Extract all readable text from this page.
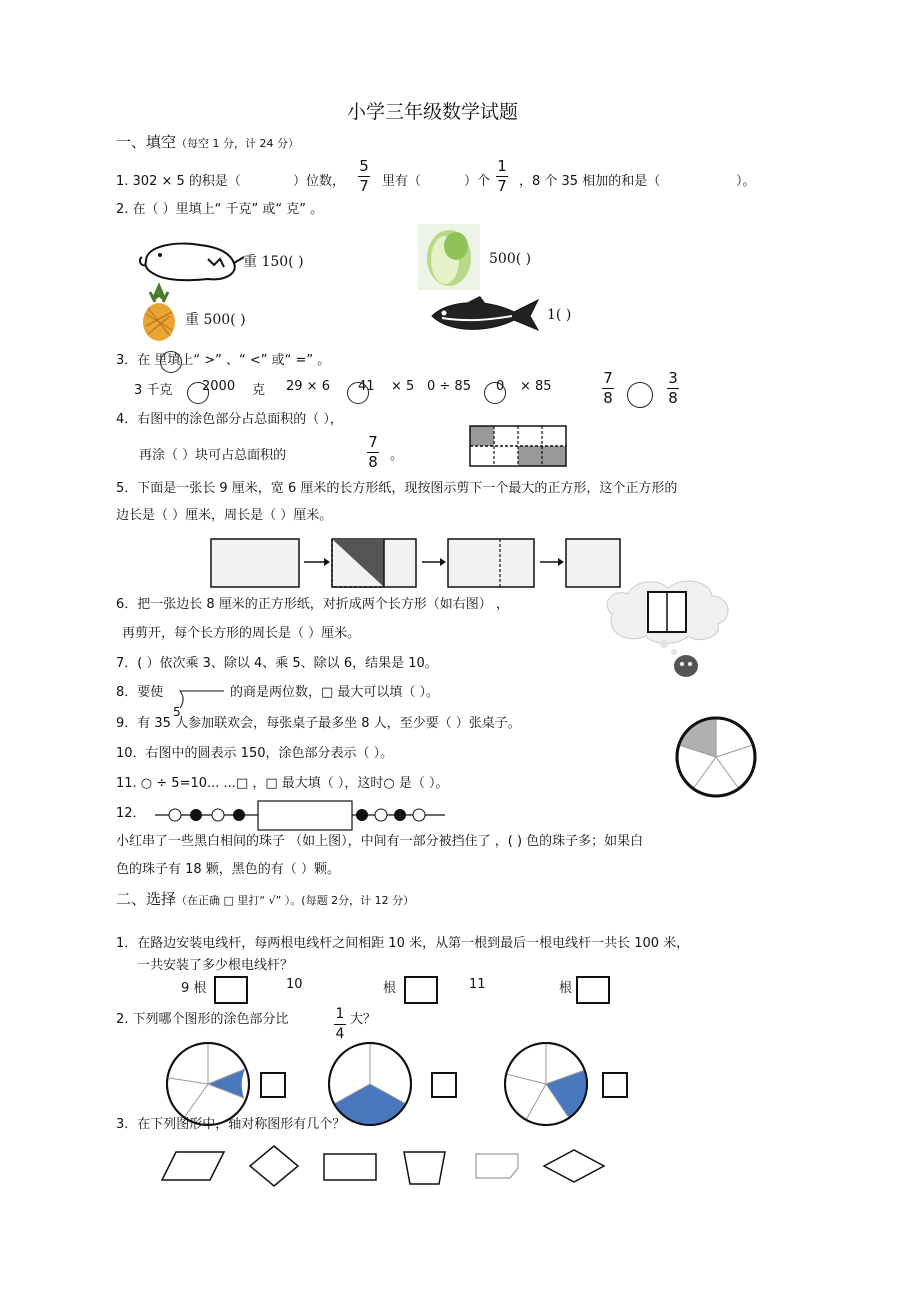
小学三年级数学试题
一、填空（每空 1 分，计 24 分）
1. 302 × 5 的积是（	）位数，
5
7 里有（	）个
1
7 ，8 个 35 相加的和是（	）。
2. 在（ ）里填上“ 千克” 或“ 克” 。
重 150( )	500( )
重 500( )	1( )
3．在 里填上“ >” 、“ <” 或“ =” 。
3 千克 2000 克 29 × 6 41 × 5 0 ÷ 85 0 × 85	7
8
3
8
4．右图中的涂色部分占总面积的（ ），
再涂（ ）块可占总面积的
7
8 。
5．下面是一张长 9 厘米，宽 6 厘米的长方形纸，现按图示剪下一个最大的正方形，这个正方形的
边长是（ ）厘米，周长是（ ）厘米。
6．把一张边长 8 厘米的正方形纸，对折成两个长方形（如右图） ，
再剪开，每个长方形的周长是（ ）厘米。
7．( ）依次乘 3、除以 4、乘 5、除以 6，结果是 10。
8．要使
5
的商是两位数，□ 最大可以填（ ）。
9．有 35 人参加联欢会，每张桌子最多坐 8 人，至少要（ ）张桌子。
10．右图中的圆表示 150，涂色部分表示（ ）。
11. ○ ÷ 5=10... ...□ ，□ 最大填（ ），这时○ 是（ ）。
12．
小红串了一些黑白相间的珠子 （如上图），中间有一部分被挡住了 ，( ) 色的珠子多；如果白
色的珠子有 18 颗，黑色的有（ ）颗。
二、选择（在正确 □ 里打“ √” ）。(每题 2分，计 12 分）
1．在路边安装电线杆，每两根电线杆之间相距 10 米，从第一根到最后一根电线杆一共长 100 米，
一共安装了多少根电线杆？
9 根	10	根	11	根
2. 下列哪个图形的涂色部分比	1
4
大？
3．在下列图形中，轴对称图形有几个？
